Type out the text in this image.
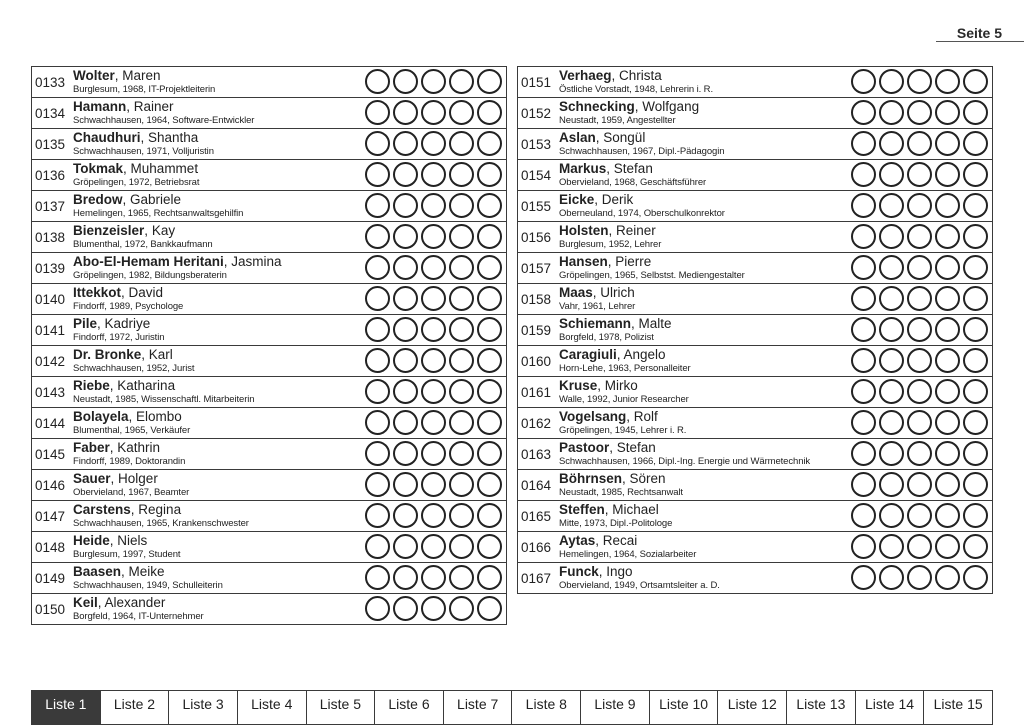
Seite 5
0133 Wolter, Maren
Burglesum, 1968, IT-Projektleiterin
0134 Hamann, Rainer
Schwachhausen, 1964, Software-Entwickler
0135 Chaudhuri, Shantha
Schwachhausen, 1971, Volljuristin
0136 Tokmak, Muhammet
Gröpelingen, 1972, Betriebsrat
0137 Bredow, Gabriele
Hemelingen, 1965, Rechtsanwaltsgehilfin
0138 Bienzeisler, Kay
Blumenthal, 1972, Bankkaufmann
0139 Abo-El-Hemam Heritani, Jasmina
Gröpelingen, 1982, Bildungsberaterin
0140 Ittekkot, David
Findorff, 1989, Psychologe
0141 Pile, Kadriye
Findorff, 1972, Juristin
0142 Dr. Bronke, Karl
Schwachhausen, 1952, Jurist
0143 Riebe, Katharina
Neustadt, 1985, Wissenschaftl. Mitarbeiterin
0144 Bolayela, Elombo
Blumenthal, 1965, Verkäufer
0145 Faber, Kathrin
Findorff, 1989, Doktorandin
0146 Sauer, Holger
Obervieland, 1967, Beamter
0147 Carstens, Regina
Schwachhausen, 1965, Krankenschwester
0148 Heide, Niels
Burglesum, 1997, Student
0149 Baasen, Meike
Schwachhausen, 1949, Schulleiterin
0150 Keil, Alexander
Borgfeld, 1964, IT-Unternehmer
0151 Verhaeg, Christa
Östliche Vorstadt, 1948, Lehrerin i. R.
0152 Schnecking, Wolfgang
Neustadt, 1959, Angestellter
0153 Aslan, Songül
Schwachhausen, 1967, Dipl.-Pädagogin
0154 Markus, Stefan
Obervieland, 1968, Geschäftsführer
0155 Eicke, Derik
Oberneuland, 1974, Oberschulkonrektor
0156 Holsten, Reiner
Burglesum, 1952, Lehrer
0157 Hansen, Pierre
Gröpelingen, 1965, Selbstst. Mediengestalter
0158 Maas, Ulrich
Vahr, 1961, Lehrer
0159 Schiemann, Malte
Borgfeld, 1978, Polizist
0160 Caragiuli, Angelo
Horn-Lehe, 1963, Personalleiter
0161 Kruse, Mirko
Walle, 1992, Junior Researcher
0162 Vogelsang, Rolf
Gröpelingen, 1945, Lehrer i. R.
0163 Pastoor, Stefan
Schwachhausen, 1966, Dipl.-Ing. Energie und Wärmetechnik
0164 Böhrnsen, Sören
Neustadt, 1985, Rechtsanwalt
0165 Steffen, Michael
Mitte, 1973, Dipl.-Politologe
0166 Aytas, Recai
Hemelingen, 1964, Sozialarbeiter
0167 Funck, Ingo
Obervieland, 1949, Ortsamtsleiter a. D.
Liste 1	Liste 2	Liste 3	Liste 4	Liste 5	Liste 6	Liste 7	Liste 8	Liste 9	Liste 10	Liste 12	Liste 13	Liste 14	Liste 15
